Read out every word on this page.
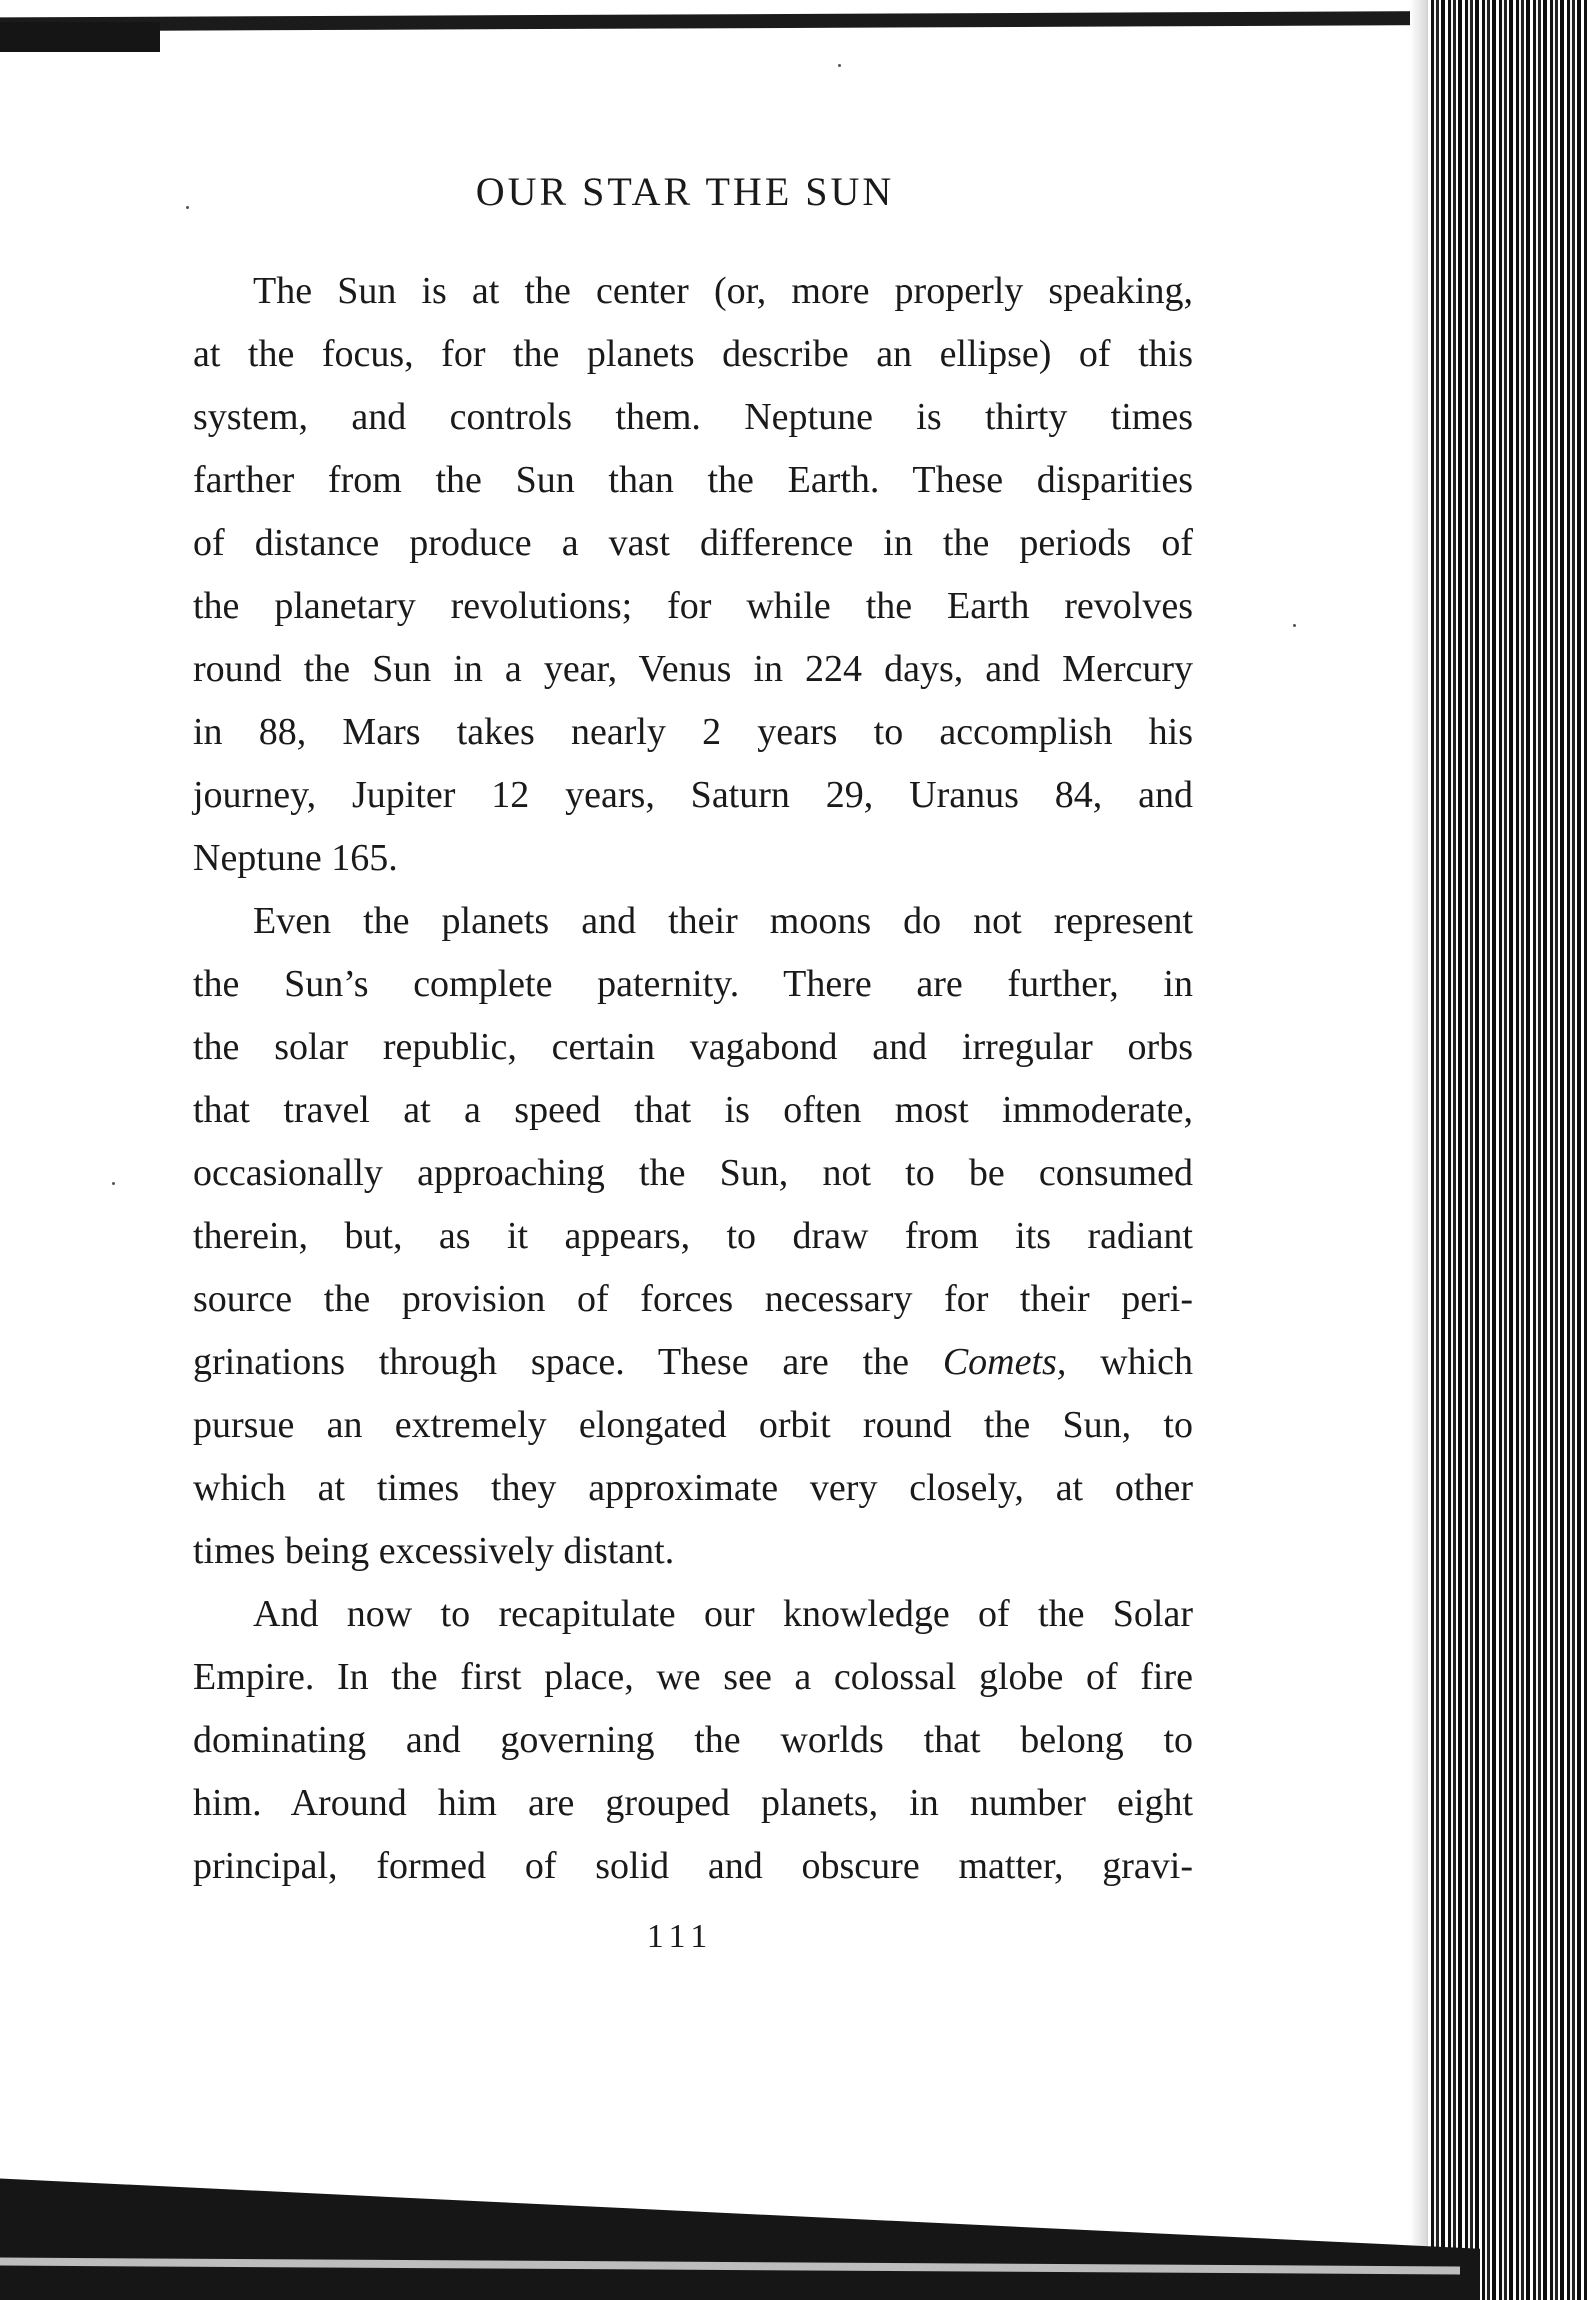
OUR STAR THE SUN
The Sun is at the center (or, more properly speaking,
at the focus, for the planets describe an ellipse) of this
system, and controls them. Neptune is thirty times
farther from the Sun than the Earth. These disparities
of distance produce a vast difference in the periods of
the planetary revolutions; for while the Earth revolves
round the Sun in a year, Venus in 224 days, and Mercury
in 88, Mars takes nearly 2 years to accomplish his
journey, Jupiter 12 years, Saturn 29, Uranus 84, and
Neptune 165.
Even the planets and their moons do not represent
the Sun’s complete paternity. There are further, in
the solar republic, certain vagabond and irregular orbs
that travel at a speed that is often most immoderate,
occasionally approaching the Sun, not to be consumed
therein, but, as it appears, to draw from its radiant
source the provision of forces necessary for their peri-
grinations through space. These are the Comets, which
pursue an extremely elongated orbit round the Sun, to
which at times they approximate very closely, at other
times being excessively distant.
And now to recapitulate our knowledge of the Solar
Empire. In the first place, we see a colossal globe of fire
dominating and governing the worlds that belong to
him. Around him are grouped planets, in number eight
principal, formed of solid and obscure matter, gravi-
111
